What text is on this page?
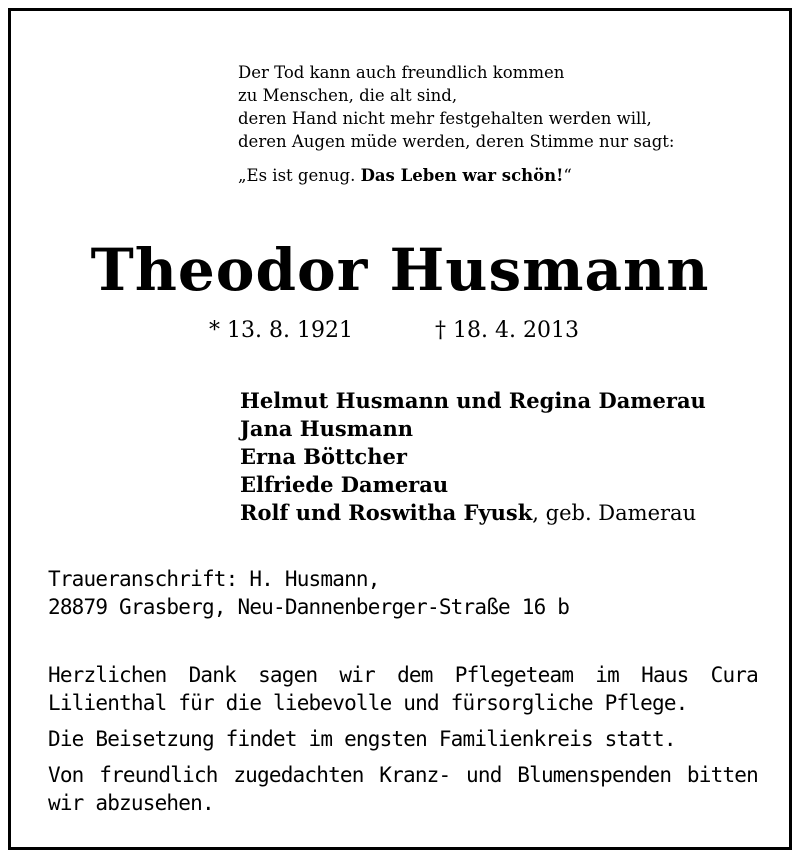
Der Tod kann auch freundlich kommen
zu Menschen, die alt sind,
deren Hand nicht mehr festgehalten werden will,
deren Augen müde werden, deren Stimme nur sagt:
„Es ist genug. Das Leben war schön!“
Theodor Husmann
* 13. 8. 1921	† 18. 4. 2013
Helmut Husmann und Regina Damerau
Jana Husmann
Erna Böttcher
Elfriede Damerau
Rolf und Roswitha Fyusk, geb. Damerau
Traueranschrift: H. Husmann,
28879 Grasberg, Neu-Dannenberger-Straße 16 b

Herzlichen Dank sagen wir dem Pflegeteam im Haus Cura Lilienthal für die liebevolle und fürsorgliche Pflege.

Die Beisetzung findet im engsten Familienkreis statt.

Von freundlich zugedachten Kranz- und Blumenspenden bitten wir abzusehen.
